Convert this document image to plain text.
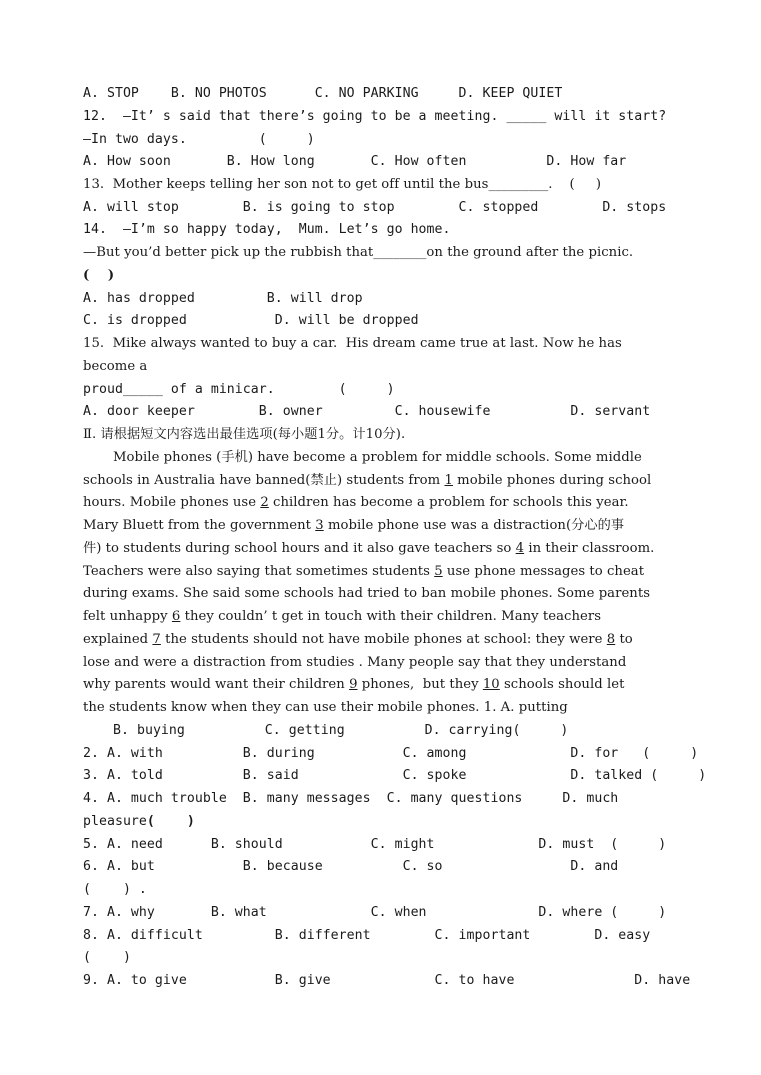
A. STOP    B. NO PHOTOS      C. NO PARKING     D. KEEP QUIET
12.  —It’ s said that there’s going to be a meeting. _____ will it start?
—In two days.         (     )
A. How soon       B. How long       C. How often          D. How far
13.  Mother keeps telling her son not to get off until the bus_________.    (     )
A. will stop        B. is going to stop        C. stopped        D. stops
14.  —I’m so happy today,  Mum. Let’s go home.
—But you’d better pick up the rubbish that________on the ground after the picnic.
(    )
A. has dropped         B. will drop
C. is dropped           D. will be dropped
15.  Mike always wanted to buy a car.  His dream came true at last. Now he has
become a
proud_____ of a minicar.        (     )
A. door keeper        B. owner         C. housewife          D. servant
Ⅱ. 请根据短文内容选出最佳选项(每小题1分。计10分).
Mobile phones (手机) have become a problem for middle schools. Some middle
schools in Australia have banned(禁止) students from 1 mobile phones during school
hours. Mobile phones use 2 children has become a problem for schools this year.
Mary Bluett from the government 3 mobile phone use was a distraction(分心的事
件) to students during school hours and it also gave teachers so 4 in their classroom.
Teachers were also saying that sometimes students 5 use phone messages to cheat
during exams. She said some schools had tried to ban mobile phones. Some parents
felt unhappy 6 they couldn’ t get in touch with their children. Many teachers
explained 7 the students should not have mobile phones at school: they were 8 to
lose and were a distraction from studies . Many people say that they understand
why parents would want their children 9 phones,  but they 10 schools should let
the students know when they can use their mobile phones. 1. A. putting
B. buying          C. getting          D. carrying(     )
2. A. with          B. during           C. among             D. for   (     )
3. A. told          B. said             C. spoke             D. talked (     )
4. A. much trouble  B. many messages  C. many questions     D. much
pleasure(    )
5. A. need      B. should           C. might             D. must  (     )
6. A. but           B. because          C. so                D. and
(    ) .
7. A. why       B. what             C. when              D. where (     )
8. A. difficult         B. different        C. important        D. easy
(    )
9. A. to give           B. give             C. to have               D. have
